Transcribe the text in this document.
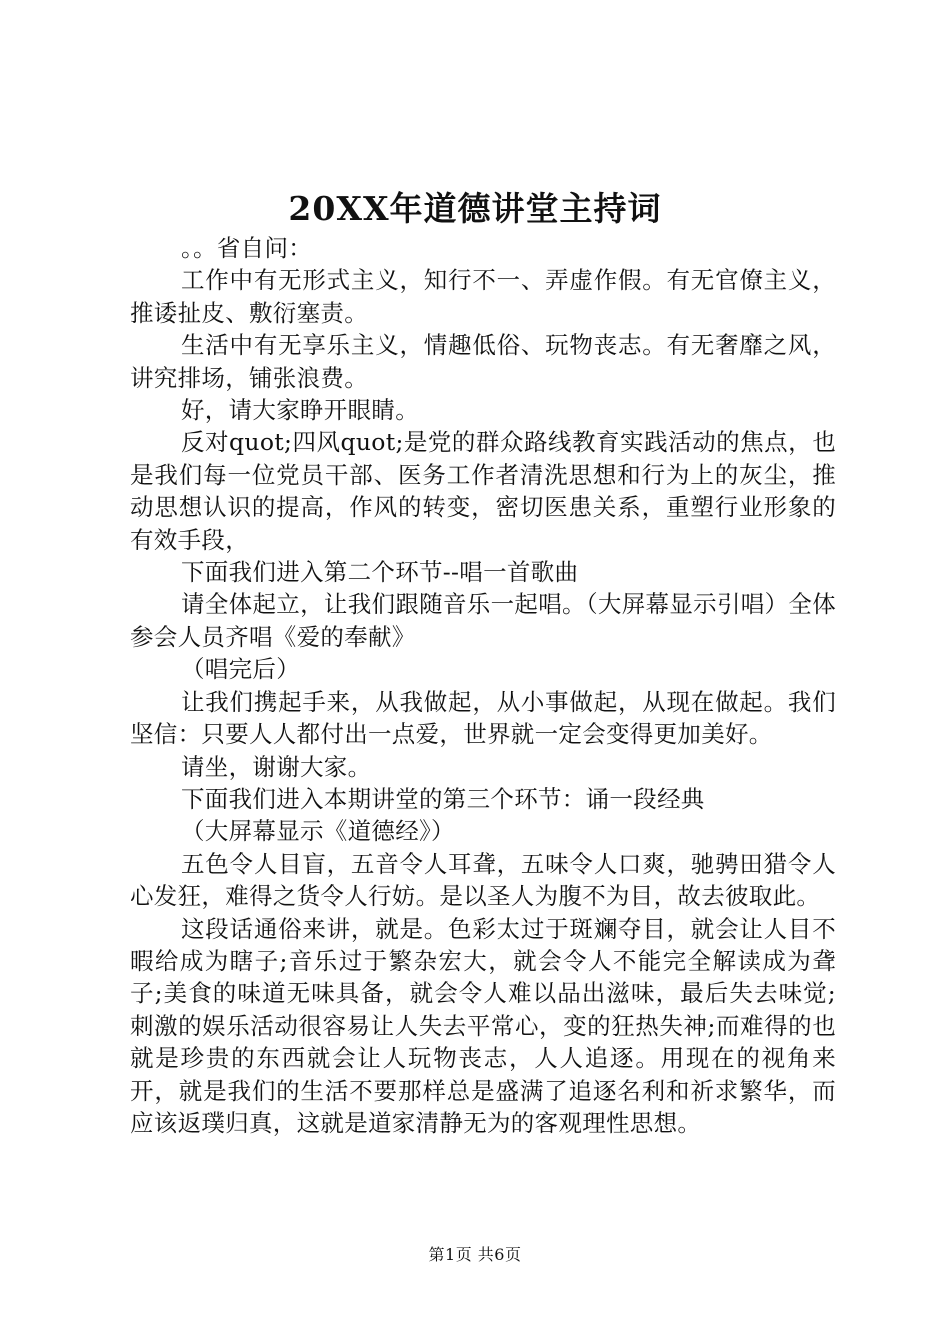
20XX年道德讲堂主持词

。。省自问：

工作中有无形式主义，知行不一、弄虚作假。有无官僚主义，推诿扯皮、敷衍塞责。

生活中有无享乐主义，情趣低俗、玩物丧志。有无奢靡之风，讲究排场，铺张浪费。

好，请大家睁开眼睛。

反对quot;四风quot;是党的群众路线教育实践活动的焦点，也是我们每一位党员干部、医务工作者清洗思想和行为上的灰尘，推动思想认识的提高，作风的转变，密切医患关系，重塑行业形象的有效手段，

下面我们进入第二个环节--唱一首歌曲

请全体起立，让我们跟随音乐一起唱。（大屏幕显示引唱）全体参会人员齐唱《爱的奉献》

（唱完后）

让我们携起手来，从我做起，从小事做起，从现在做起。我们坚信：只要人人都付出一点爱，世界就一定会变得更加美好。

请坐，谢谢大家。

下面我们进入本期讲堂的第三个环节：诵一段经典

（大屏幕显示《道德经》）

五色令人目盲，五音令人耳聋，五味令人口爽，驰骋田猎令人心发狂，难得之货令人行妨。是以圣人为腹不为目，故去彼取此。

这段话通俗来讲，就是。色彩太过于斑斓夺目，就会让人目不暇给成为瞎子;音乐过于繁杂宏大，就会令人不能完全解读成为聋子;美食的味道无味具备，就会令人难以品出滋味，最后失去味觉;刺激的娱乐活动很容易让人失去平常心，变的狂热失神;而难得的也就是珍贵的东西就会让人玩物丧志，人人追逐。用现在的视角来开，就是我们的生活不要那样总是盛满了追逐名利和祈求繁华，而应该返璞归真，这就是道家清静无为的客观理性思想。

第1页 共6页
